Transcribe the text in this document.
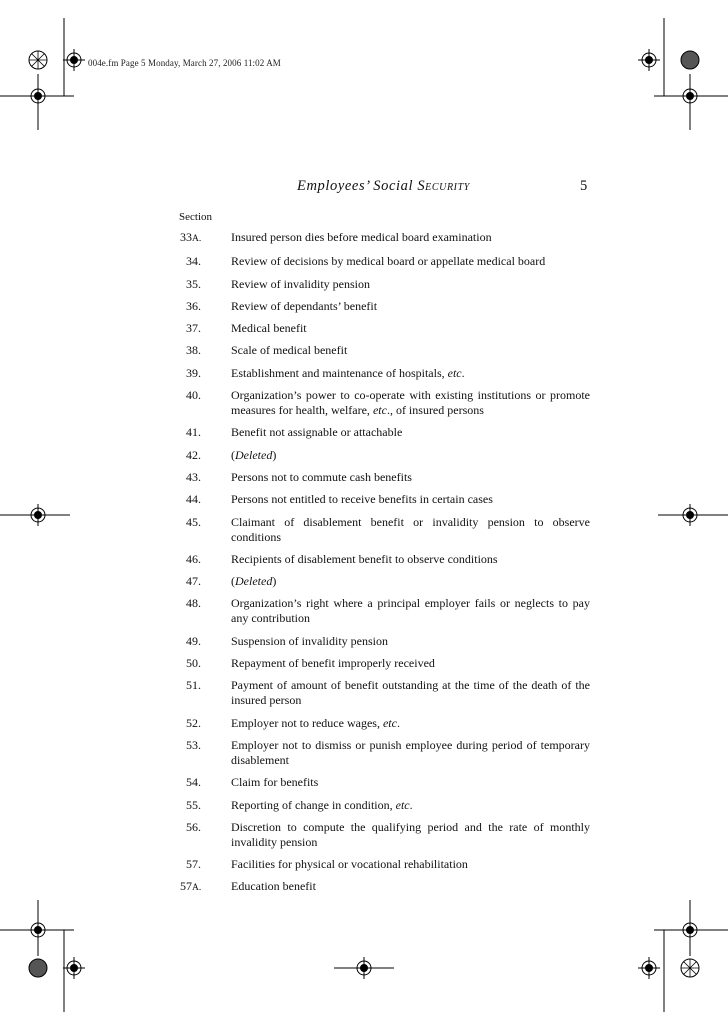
004e.fm Page 5 Monday, March 27, 2006 11:02 AM
Employees’ Social Security	5
Section
33A.	Insured person dies before medical board examination
34.	Review of decisions by medical board or appellate medical board
35.	Review of invalidity pension
36.	Review of dependants’ benefit
37.	Medical benefit
38.	Scale of medical benefit
39.	Establishment and maintenance of hospitals, etc.
40.	Organization’s power to co-operate with existing institutions or promote measures for health, welfare, etc., of insured persons
41.	Benefit not assignable or attachable
42.	(Deleted)
43.	Persons not to commute cash benefits
44.	Persons not entitled to receive benefits in certain cases
45.	Claimant of disablement benefit or invalidity pension to observe conditions
46.	Recipients of disablement benefit to observe conditions
47.	(Deleted)
48.	Organization’s right where a principal employer fails or neglects to pay any contribution
49.	Suspension of invalidity pension
50.	Repayment of benefit improperly received
51.	Payment of amount of benefit outstanding at the time of the death of the insured person
52.	Employer not to reduce wages, etc.
53.	Employer not to dismiss or punish employee during period of temporary disablement
54.	Claim for benefits
55.	Reporting of change in condition, etc.
56.	Discretion to compute the qualifying period and the rate of monthly invalidity pension
57.	Facilities for physical or vocational rehabilitation
57A.	Education benefit
